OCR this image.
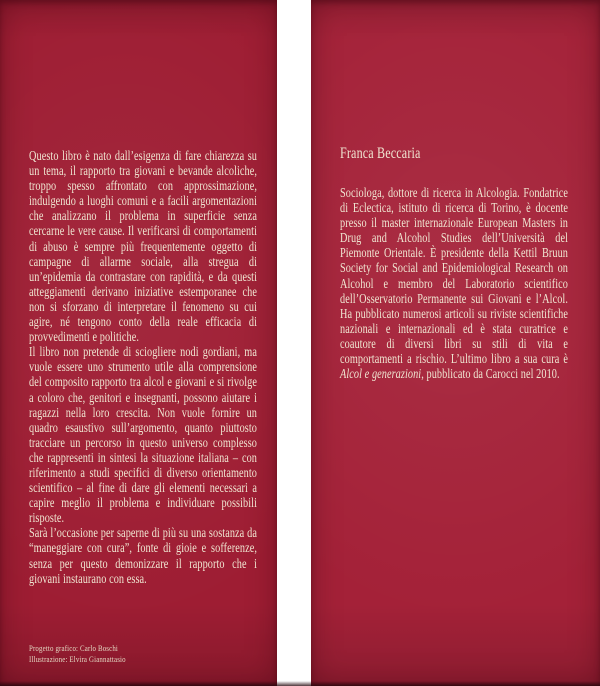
Questo libro è nato dall’esigenza di fare chiarezza su un tema, il rapporto tra giovani e bevande alcoliche, troppo spesso affrontato con approssimazione, indulgendo a luoghi comuni e a facili argomentazioni che analizzano il problema in superficie senza cercarne le vere cause. Il verificarsi di comportamenti di abuso è sempre più frequentemente oggetto di campagne di allarme sociale, alla stregua di un’epidemia da contrastare con rapidità, e da questi atteggiamenti derivano iniziative estemporanee che non si sforzano di interpretare il fenomeno su cui agire, né tengono conto della reale efficacia di provvedimenti e politiche.

Il libro non pretende di sciogliere nodi gordiani, ma vuole essere uno strumento utile alla comprensione del composito rapporto tra alcol e giovani e si rivolge a coloro che, genitori e insegnanti, possono aiutare i ragazzi nella loro crescita. Non vuole fornire un quadro esaustivo sull’argomento, quanto piuttosto tracciare un percorso in questo universo complesso che rappresenti in sintesi la situazione italiana – con riferimento a studi specifici di diverso orientamento scientifico – al fine di dare gli elementi necessari a capire meglio il problema e individuare possibili risposte.

Sarà l’occasione per saperne di più su una sostanza da “maneggiare con cura”, fonte di gioie e sofferenze, senza per questo demonizzare il rapporto che i giovani instaurano con essa.

Progetto grafico: Carlo Boschi
Illustrazione: Elvira Giannattasio
Franca Beccaria

Sociologa, dottore di ricerca in Alcologia. Fondatrice di Eclectica, istituto di ricerca di Torino, è docente presso il master internazionale European Masters in Drug and Alcohol Studies dell’Università del Piemonte Orientale. È presidente della Kettil Bruun Society for Social and Epidemiological Research on Alcohol e membro del Laboratorio scientifico dell’Osservatorio Permanente sui Giovani e l’Alcol. Ha pubblicato numerosi articoli su riviste scientifiche nazionali e internazionali ed è stata curatrice e coautore di diversi libri su stili di vita e comportamenti a rischio. L’ultimo libro a sua cura è Alcol e generazioni, pubblicato da Carocci nel 2010.
